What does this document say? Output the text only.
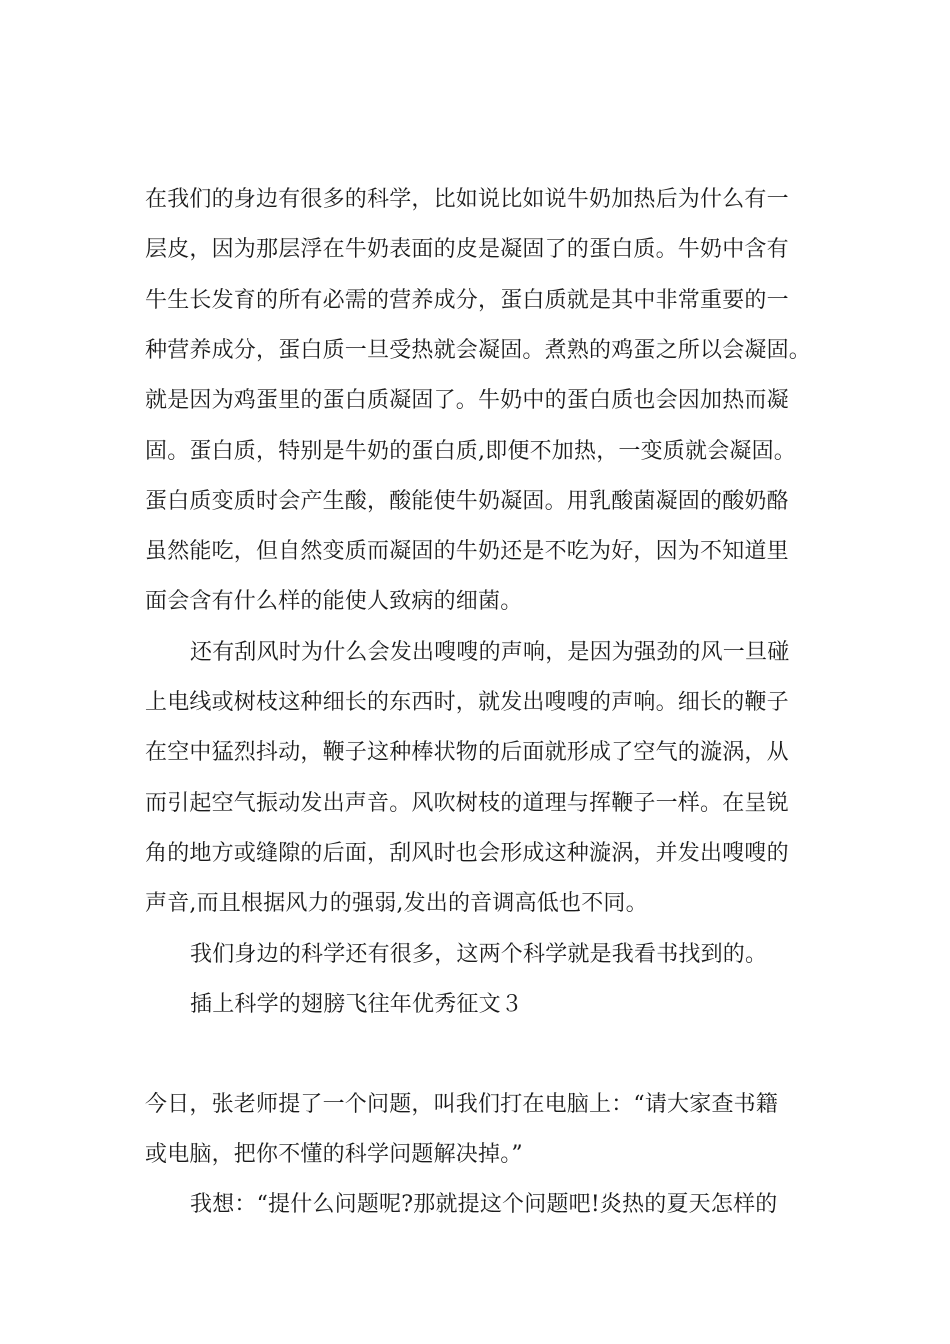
在我们的身边有很多的科学，比如说比如说牛奶加热后为什么有一
层皮，因为那层浮在牛奶表面的皮是凝固了的蛋白质。牛奶中含有
牛生长发育的所有必需的营养成分，蛋白质就是其中非常重要的一
种营养成分，蛋白质一旦受热就会凝固。煮熟的鸡蛋之所以会凝固。
就是因为鸡蛋里的蛋白质凝固了。牛奶中的蛋白质也会因加热而凝
固。蛋白质，特别是牛奶的蛋白质,即便不加热，一变质就会凝固。
蛋白质变质时会产生酸，酸能使牛奶凝固。用乳酸菌凝固的酸奶酪
虽然能吃，但自然变质而凝固的牛奶还是不吃为好，因为不知道里
面会含有什么样的能使人致病的细菌。
还有刮风时为什么会发出嗖嗖的声响，是因为强劲的风一旦碰
上电线或树枝这种细长的东西时，就发出嗖嗖的声响。细长的鞭子
在空中猛烈抖动，鞭子这种棒状物的后面就形成了空气的漩涡，从
而引起空气振动发出声音。风吹树枝的道理与挥鞭子一样。在呈锐
角的地方或缝隙的后面，刮风时也会形成这种漩涡，并发出嗖嗖的
声音,而且根据风力的强弱,发出的音调高低也不同。
我们身边的科学还有很多，这两个科学就是我看书找到的。
插上科学的翅膀飞往年优秀征文３
今日，张老师提了一个问题，叫我们打在电脑上：“请大家查书籍
或电脑，把你不懂的科学问题解决掉。”
我想：“提什么问题呢?那就提这个问题吧!炎热的夏天怎样的
